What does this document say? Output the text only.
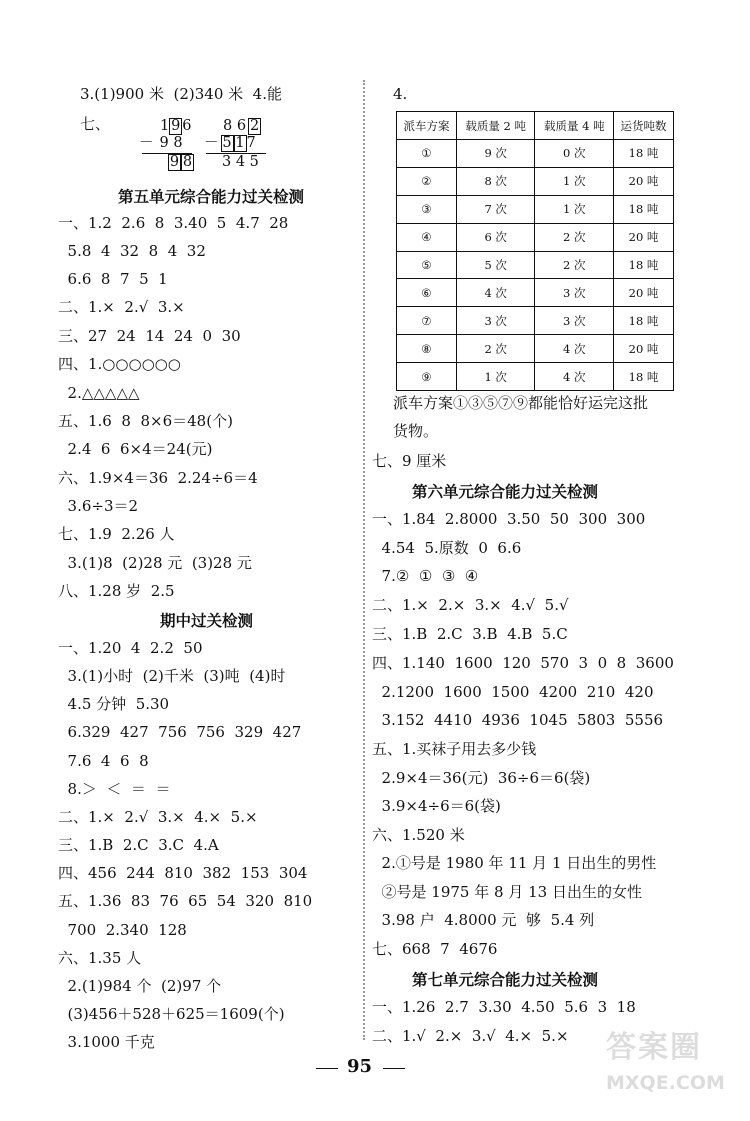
3.(1)900 米  (2)340 米  4.能
七、	1 9 6
－ 9 8
9 8
8 6 2
－ 5 1 7
3 4 5
第五单元综合能力过关检测
一、1.2  2.6  8  3.40  5  4.7  28
5.8  4  32  8  4  32
6.6  8  7  5  1
二、1.×  2.√  3.×
三、27  24  14  24  0  30
四、1.○○○○○○
2.△△△△△
五、1.6  8  8×6＝48(个)
2.4  6  6×4＝24(元)
六、1.9×4＝36  2.24÷6＝4
3.6÷3＝2
七、1.9  2.26 人
3.(1)8  (2)28 元  (3)28 元
八、1.28 岁  2.5
期中过关检测
一、1.20  4  2.2  50
3.(1)小时  (2)千米  (3)吨  (4)时
4.5 分钟  5.30
6.329  427  756  756  329  427
7.6  4  6  8
8.＞  ＜  ＝  ＝
二、1.×  2.√  3.×  4.×  5.×
三、1.B  2.C  3.C  4.A
四、456  244  810  382  153  304
五、1.36  83  76  65  54  320  810
700  2.340  128
六、1.35 人
2.(1)984 个  (2)97 个
(3)456＋528＋625＝1609(个)
3.1000 千克
4.
派车方案	载质量 2 吨	载质量 4 吨	运货吨数
①	9 次	0 次	18 吨
②	8 次	1 次	20 吨
③	7 次	1 次	18 吨
④	6 次	2 次	20 吨
⑤	5 次	2 次	18 吨
⑥	4 次	3 次	20 吨
⑦	3 次	3 次	18 吨
⑧	2 次	4 次	20 吨
⑨	1 次	4 次	18 吨
派车方案①③⑤⑦⑨都能恰好运完这批
货物。
七、9 厘米
第六单元综合能力过关检测
一、1.84  2.8000  3.50  50  300  300
4.54  5.原数  0  6.6
7.②  ①  ③  ④
二、1.×  2.×  3.×  4.√  5.√
三、1.B  2.C  3.B  4.B  5.C
四、1.140  1600  120  570  3  0  8  3600
2.1200  1600  1500  4200  210  420
3.152  4410  4936  1045  5803  5556
五、1.买袜子用去多少钱
2.9×4＝36(元)  36÷6＝6(袋)
3.9×4÷6＝6(袋)
六、1.520 米
2.①号是 1980 年 11 月 1 日出生的男性
②号是 1975 年 8 月 13 日出生的女性
3.98 户  4.8000 元  够  5.4 列
七、668  7  4676
第七单元综合能力过关检测
一、1.26  2.7  3.30  4.50  5.6  3  18
二、1.√  2.×  3.√  4.×  5.×
95
答案圈
MXQE.COM
